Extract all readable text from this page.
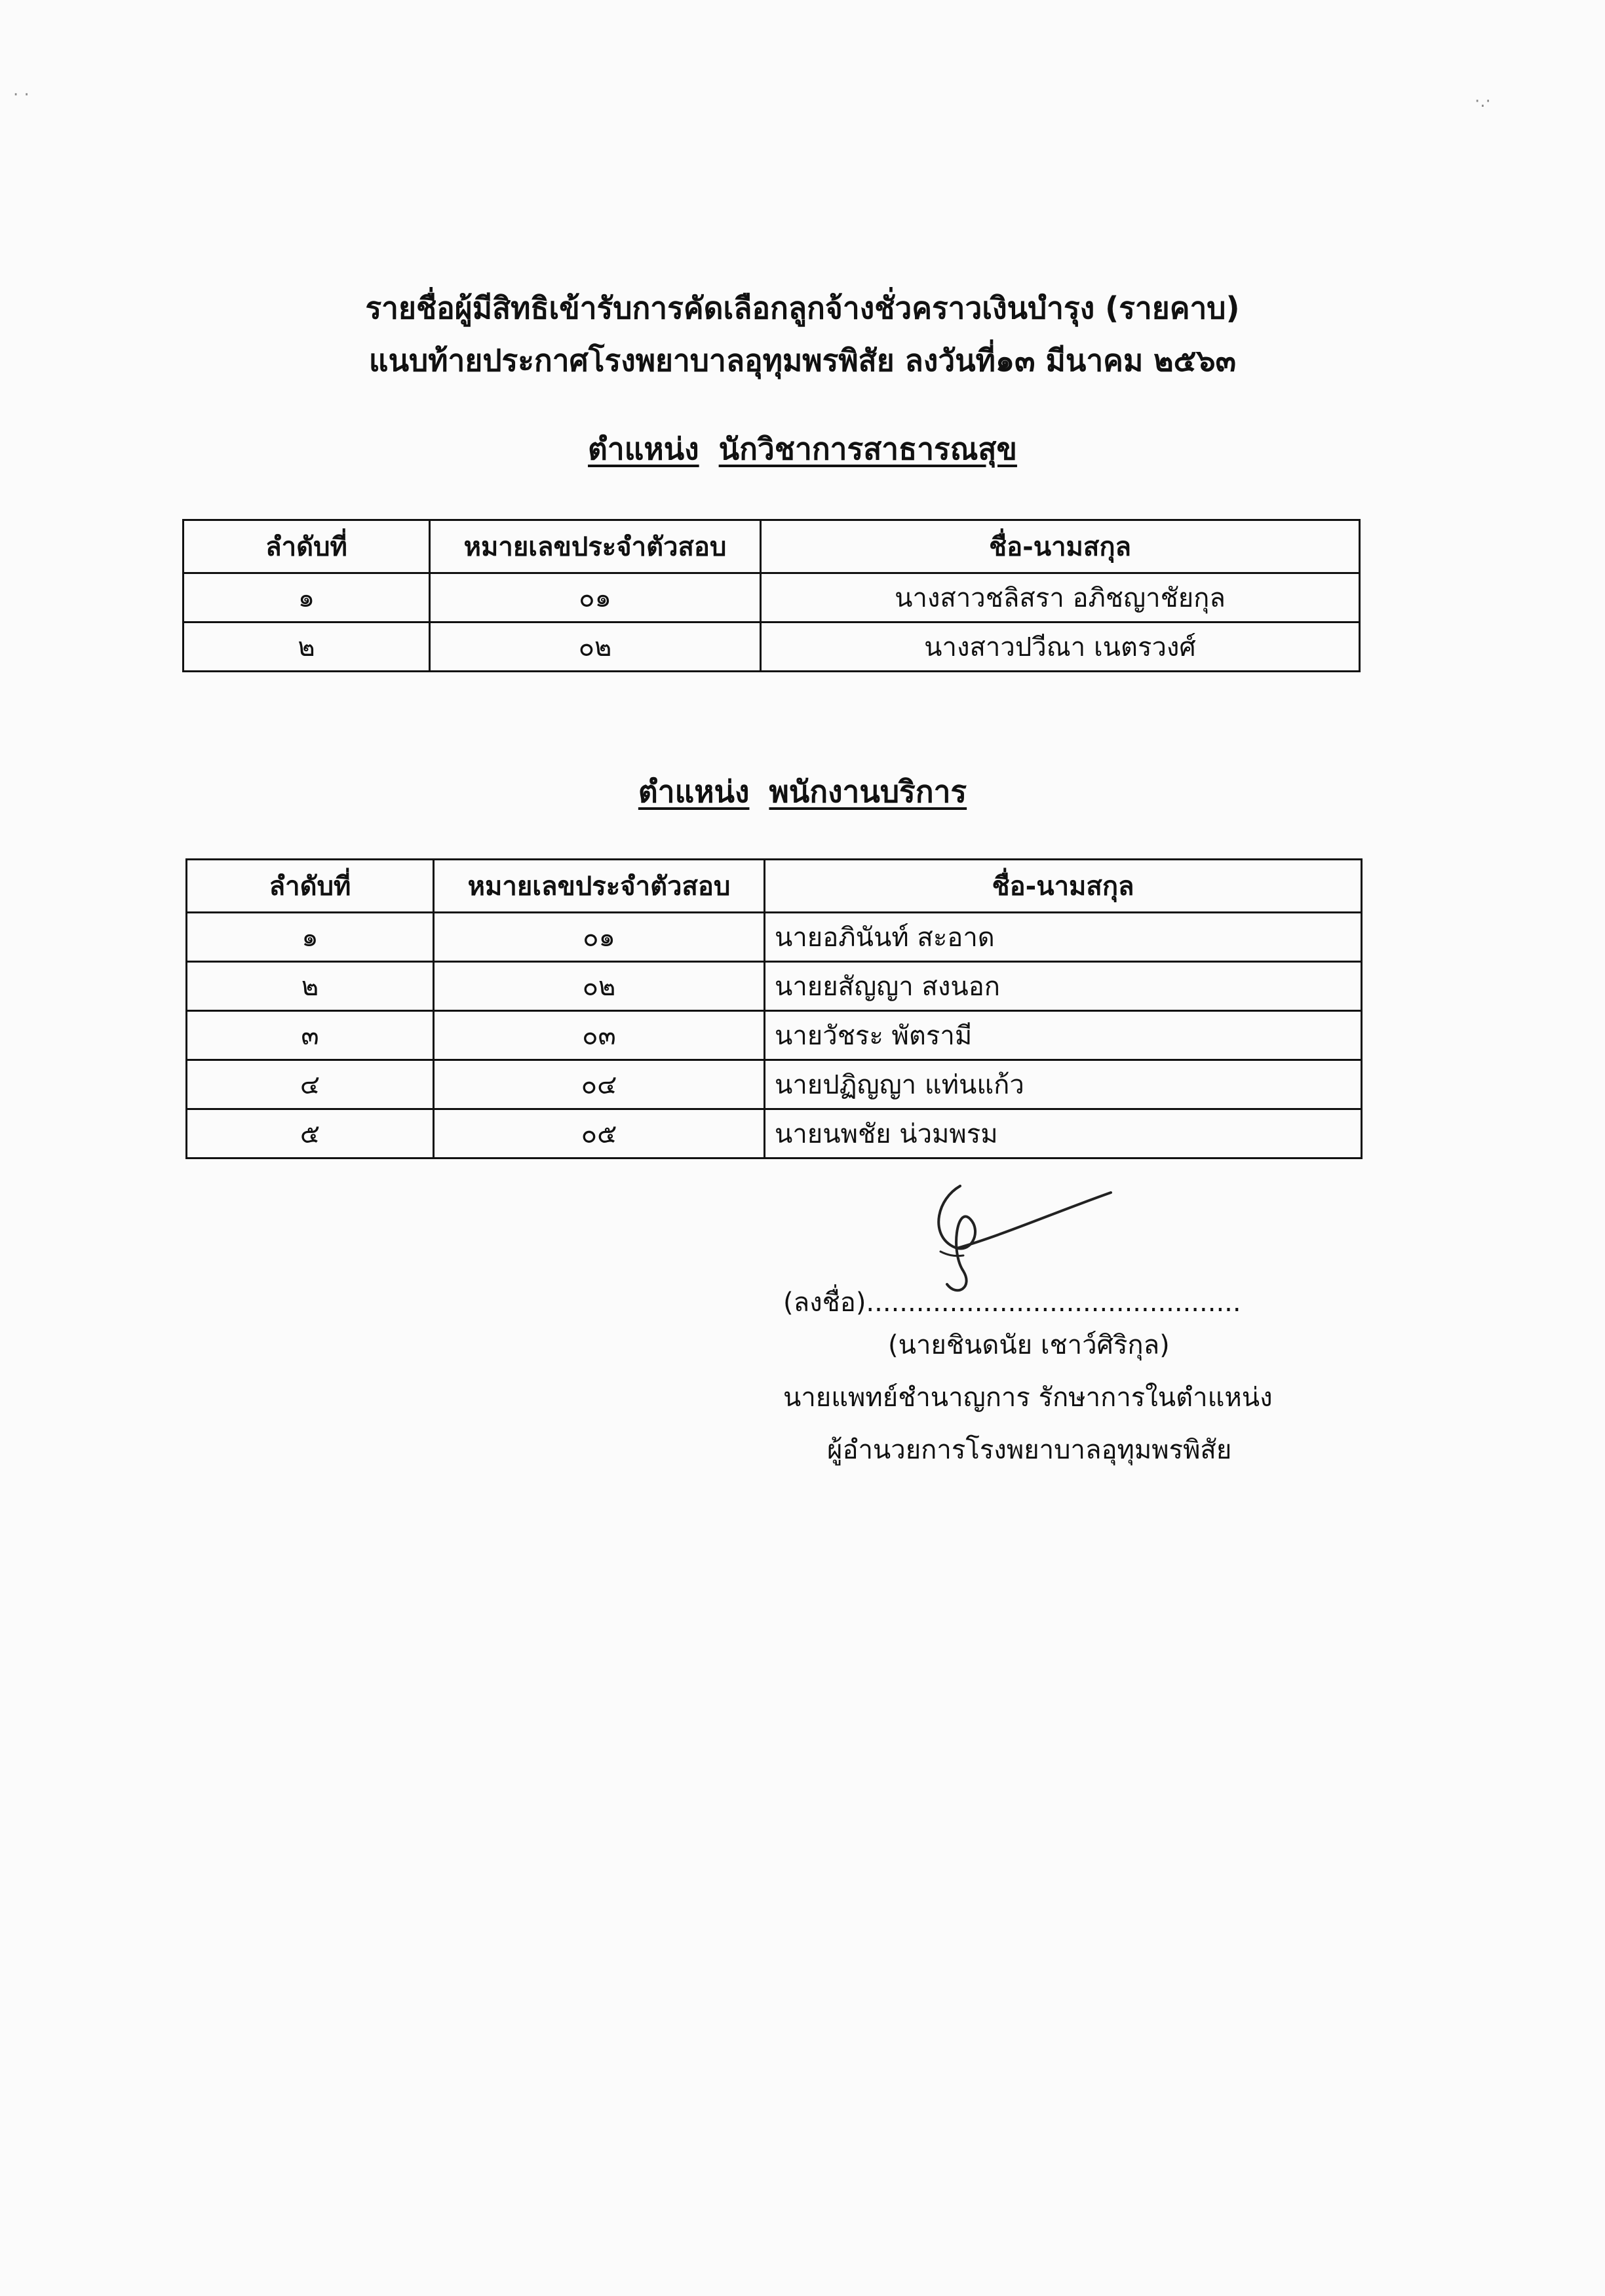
· ·	·.·
รายชื่อผู้มีสิทธิเข้ารับการคัดเลือกลูกจ้างชั่วคราวเงินบำรุง (รายคาบ)
แนบท้ายประกาศโรงพยาบาลอุทุมพรพิสัย ลงวันที่๑๓ มีนาคม ๒๕๖๓
ตำแหน่ง นักวิชาการสาธารณสุข
ลำดับที่	หมายเลขประจำตัวสอบ	ชื่อ-นามสกุล
๑	๐๑	นางสาวชลิสรา อภิชญาชัยกุล
๒	๐๒	นางสาวปวีณา เนตรวงศ์
ตำแหน่ง พนักงานบริการ
ลำดับที่	หมายเลขประจำตัวสอบ	ชื่อ-นามสกุล
๑	๐๑	นายอภินันท์ สะอาด
๒	๐๒	นายยสัญญา สงนอก
๓	๐๓	นายวัชระ พัตรามี
๔	๐๔	นายปฏิญญา แท่นแก้ว
๕	๐๕	นายนพชัย น่วมพรม
(ลงชื่อ).............................................
(นายชินดนัย เชาว์ศิริกุล)
นายแพทย์ชำนาญการ รักษาการในตำแหน่ง
ผู้อำนวยการโรงพยาบาลอุทุมพรพิสัย
